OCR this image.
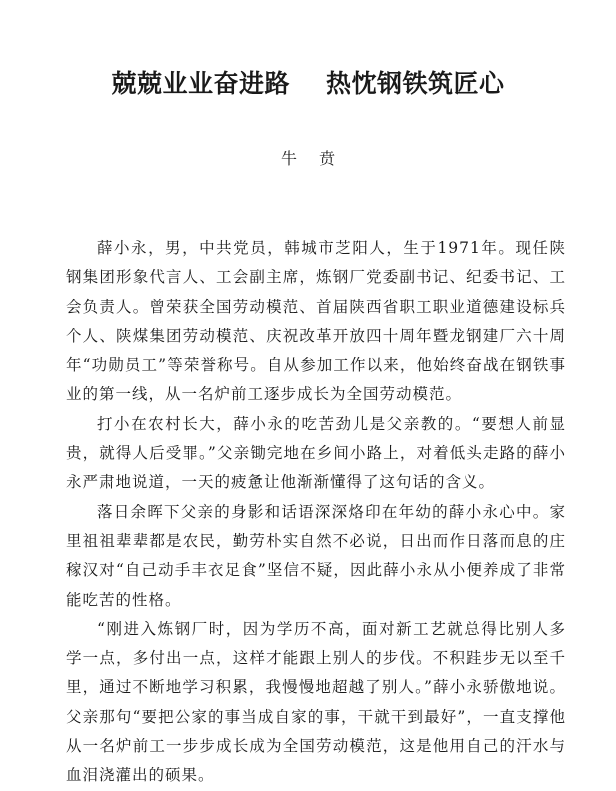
兢兢业业奋进路 热忱钢铁筑匠心
牛 贲

薛小永，男，中共党员，韩城市芝阳人，生于1971年。现任陕钢集团形象代言人、工会副主席，炼钢厂党委副书记、纪委书记、工会负责人。曾荣获全国劳动模范、首届陕西省职工职业道德建设标兵个人、陕煤集团劳动模范、庆祝改革开放四十周年暨龙钢建厂六十周年“功勋员工”等荣誉称号。自从参加工作以来，他始终奋战在钢铁事业的第一线，从一名炉前工逐步成长为全国劳动模范。

打小在农村长大，薛小永的吃苦劲儿是父亲教的。“要想人前显贵，就得人后受罪。”父亲锄完地在乡间小路上，对着低头走路的薛小永严肃地说道，一天的疲惫让他渐渐懂得了这句话的含义。

落日余晖下父亲的身影和话语深深烙印在年幼的薛小永心中。家里祖祖辈辈都是农民，勤劳朴实自然不必说，日出而作日落而息的庄稼汉对“自己动手丰衣足食”坚信不疑，因此薛小永从小便养成了非常能吃苦的性格。

“刚进入炼钢厂时，因为学历不高，面对新工艺就总得比别人多学一点，多付出一点，这样才能跟上别人的步伐。不积跬步无以至千里，通过不断地学习积累，我慢慢地超越了别人。”薛小永骄傲地说。父亲那句“要把公家的事当成自家的事，干就干到最好”，一直支撑他从一名炉前工一步步成长成为全国劳动模范，这是他用自己的汗水与血泪浇灌出的硕果。
